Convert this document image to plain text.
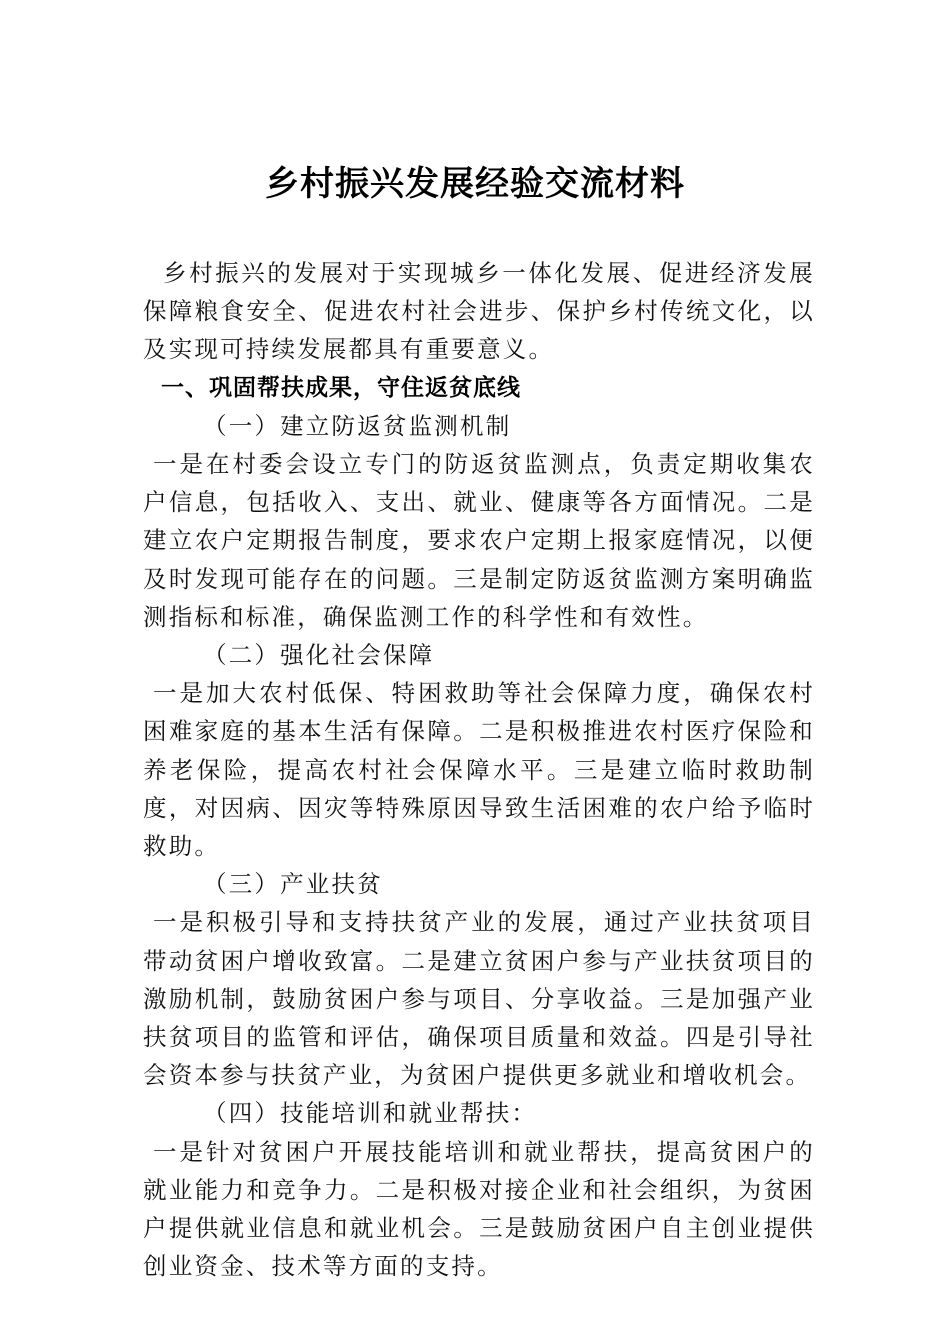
乡村振兴发展经验交流材料

乡村振兴的发展对于实现城乡一体化发展、促进经济发展保障粮食安全、促进农村社会进步、保护乡村传统文化，以及实现可持续发展都具有重要意义。

一、巩固帮扶成果，守住返贫底线

（一）建立防返贫监测机制

一是在村委会设立专门的防返贫监测点，负责定期收集农户信息，包括收入、支出、就业、健康等各方面情况。二是建立农户定期报告制度，要求农户定期上报家庭情况，以便及时发现可能存在的问题。三是制定防返贫监测方案明确监测指标和标准，确保监测工作的科学性和有效性。

（二）强化社会保障

一是加大农村低保、特困救助等社会保障力度，确保农村困难家庭的基本生活有保障。二是积极推进农村医疗保险和养老保险，提高农村社会保障水平。三是建立临时救助制度，对因病、因灾等特殊原因导致生活困难的农户给予临时救助。

（三）产业扶贫

一是积极引导和支持扶贫产业的发展，通过产业扶贫项目带动贫困户增收致富。二是建立贫困户参与产业扶贫项目的激励机制，鼓励贫困户参与项目、分享收益。三是加强产业扶贫项目的监管和评估，确保项目质量和效益。四是引导社会资本参与扶贫产业，为贫困户提供更多就业和增收机会。

（四）技能培训和就业帮扶：

一是针对贫困户开展技能培训和就业帮扶，提高贫困户的就业能力和竞争力。二是积极对接企业和社会组织，为贫困户提供就业信息和就业机会。三是鼓励贫困户自主创业提供创业资金、技术等方面的支持。
